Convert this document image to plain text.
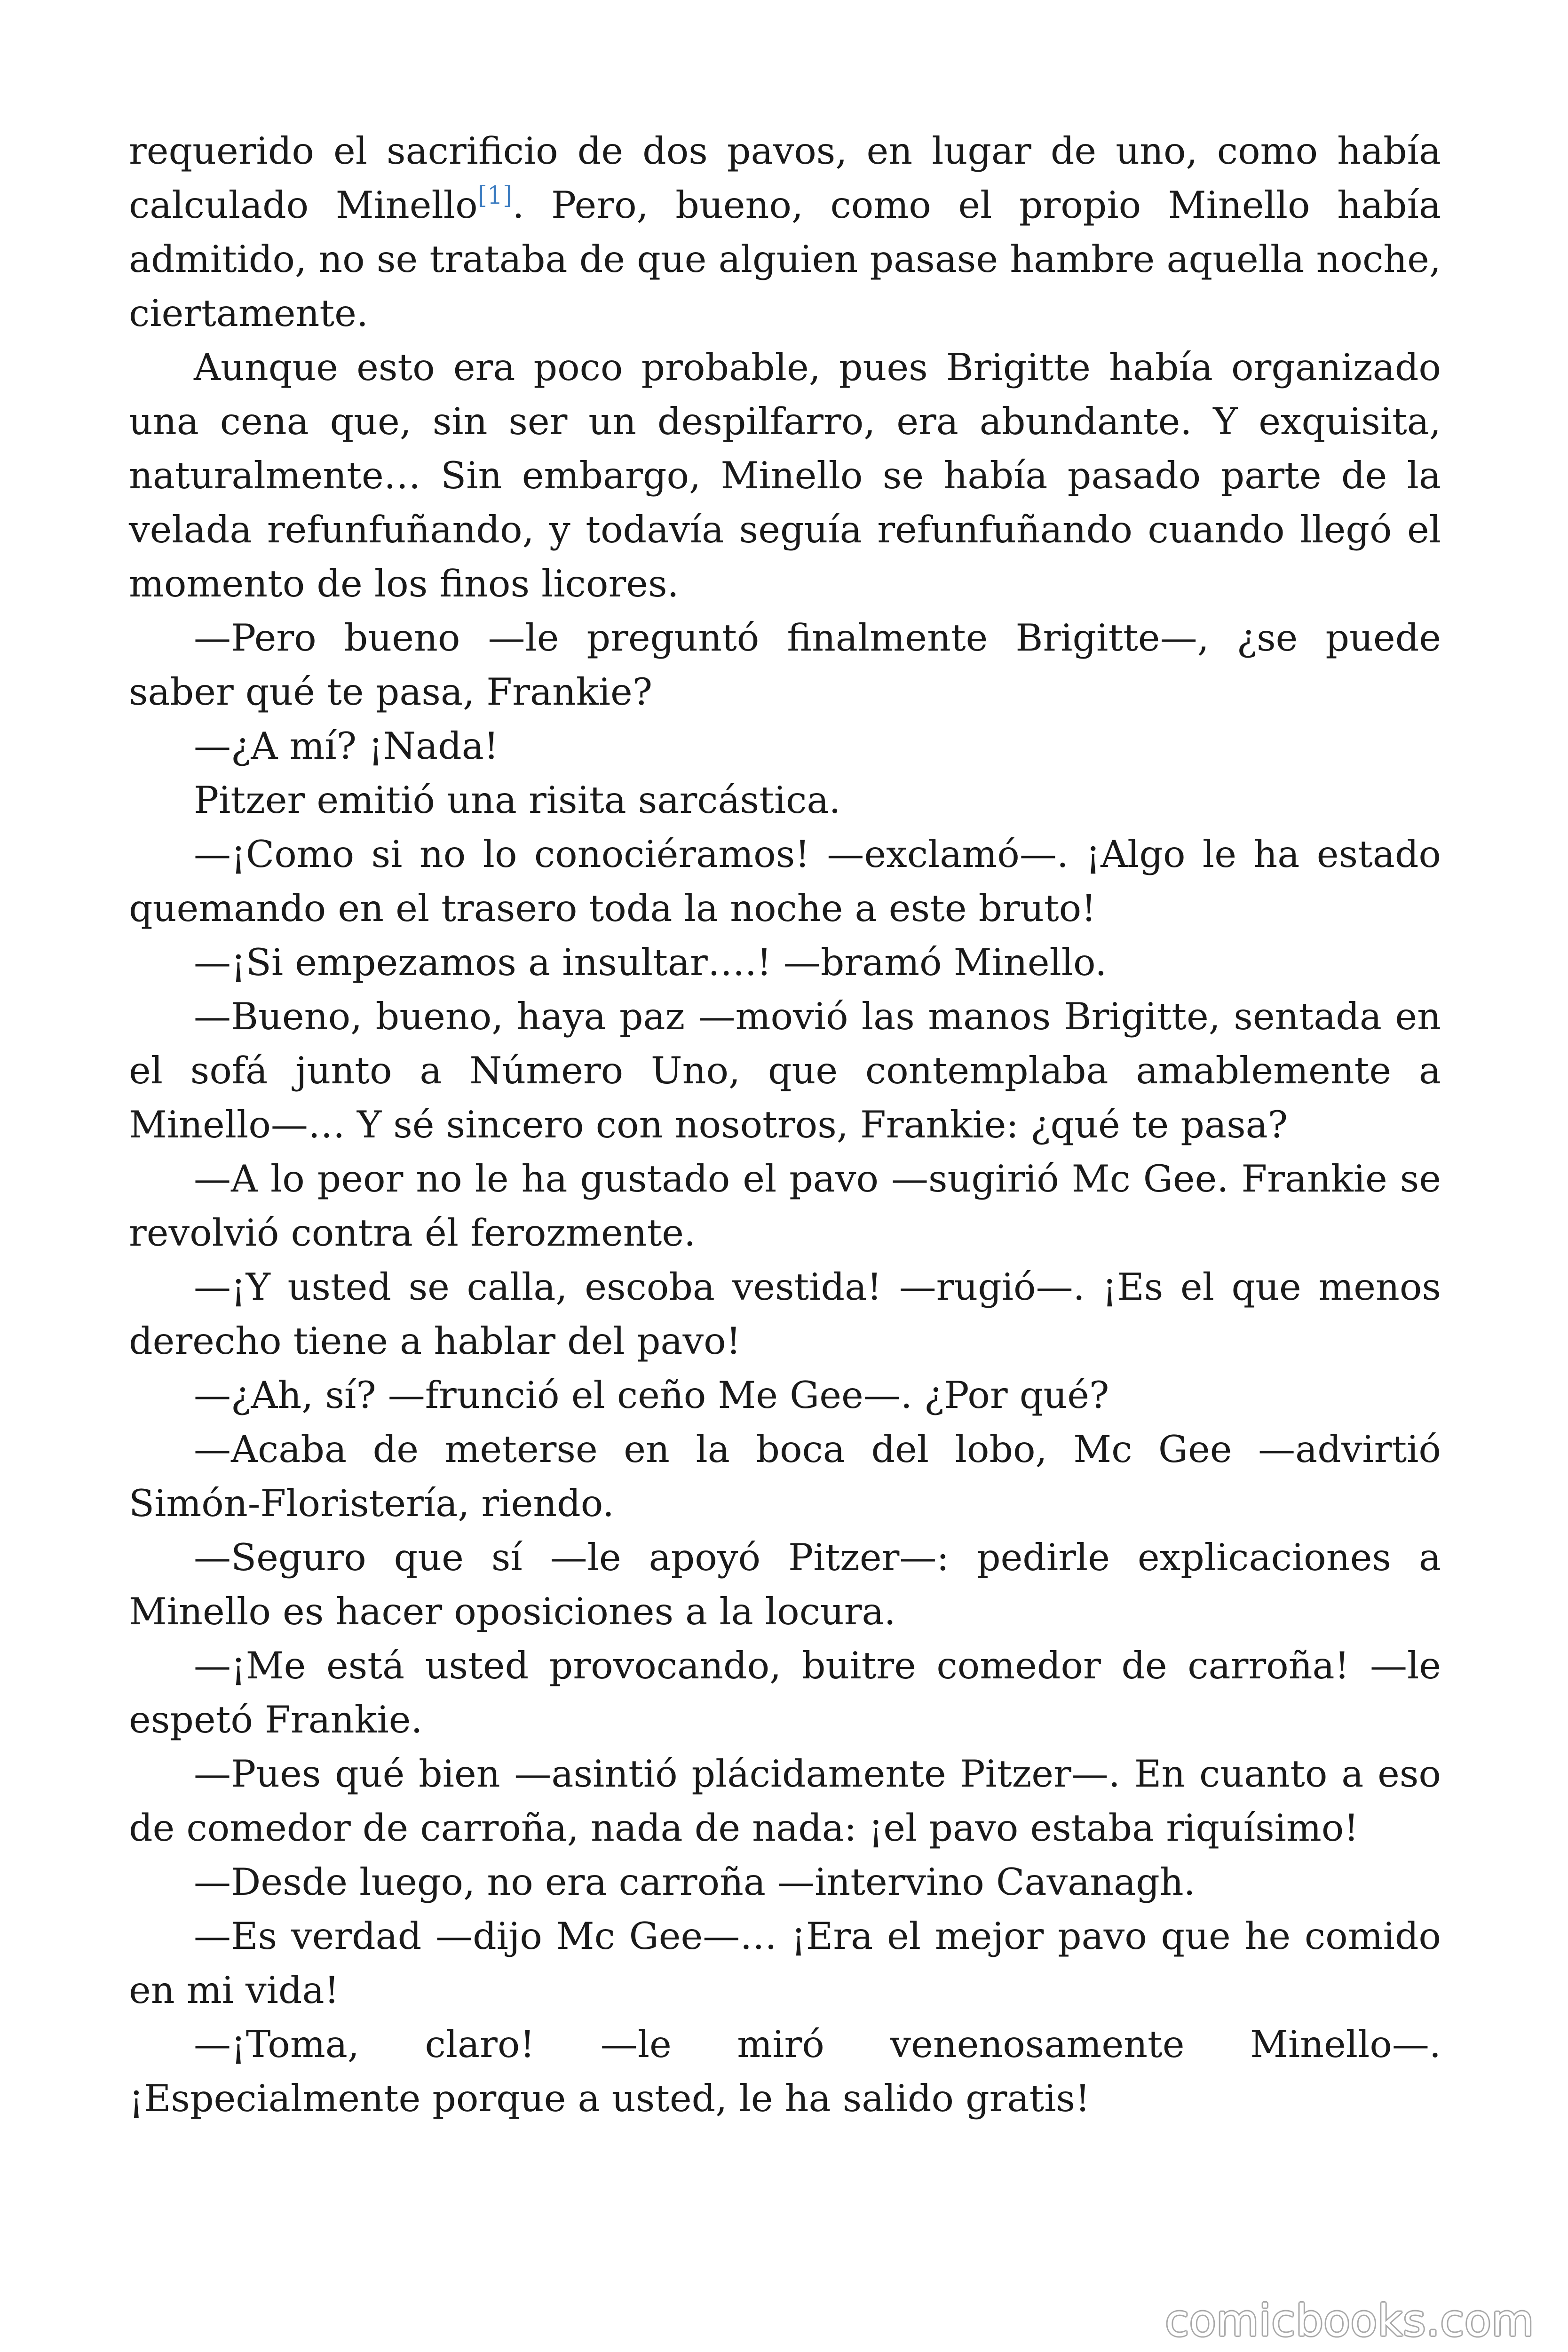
requerido el sacrificio de dos pavos, en lugar de uno, como había calculado Minello[1]. Pero, bueno, como el propio Minello había admitido, no se trataba de que alguien pasase hambre aquella noche, ciertamente.

Aunque esto era poco probable, pues Brigitte había organizado una cena que, sin ser un despilfarro, era abundante. Y exquisita, naturalmente… Sin embargo, Minello se había pasado parte de la velada refunfuñando, y todavía seguía refunfuñando cuando llegó el momento de los finos licores.

—Pero bueno —le preguntó finalmente Brigitte—, ¿se puede saber qué te pasa, Frankie?

—¿A mí? ¡Nada!

Pitzer emitió una risita sarcástica.

—¡Como si no lo conociéramos! —exclamó—. ¡Algo le ha estado quemando en el trasero toda la noche a este bruto!

—¡Si empezamos a insultar….! —bramó Minello.

—Bueno, bueno, haya paz —movió las manos Brigitte, sentada en el sofá junto a Número Uno, que contemplaba amablemente a Minello—… Y sé sincero con nosotros, Frankie: ¿qué te pasa?

—A lo peor no le ha gustado el pavo —sugirió Mc Gee. Frankie se revolvió contra él ferozmente.

—¡Y usted se calla, escoba vestida! —rugió—. ¡Es el que menos derecho tiene a hablar del pavo!

—¿Ah, sí? —frunció el ceño Me Gee—. ¿Por qué?

—Acaba de meterse en la boca del lobo, Mc Gee —advirtió Simón-Floristería, riendo.

—Seguro que sí —le apoyó Pitzer—: pedirle explicaciones a Minello es hacer oposiciones a la locura.

—¡Me está usted provocando, buitre comedor de carroña! —le espetó Frankie.

—Pues qué bien —asintió plácidamente Pitzer—. En cuanto a eso de comedor de carroña, nada de nada: ¡el pavo estaba riquísimo!

—Desde luego, no era carroña —intervino Cavanagh.

—Es verdad —dijo Mc Gee—… ¡Era el mejor pavo que he comido en mi vida!

—¡Toma, claro! —le miró venenosamente Minello—. ¡Especialmente porque a usted, le ha salido gratis!

comicbooks.com
